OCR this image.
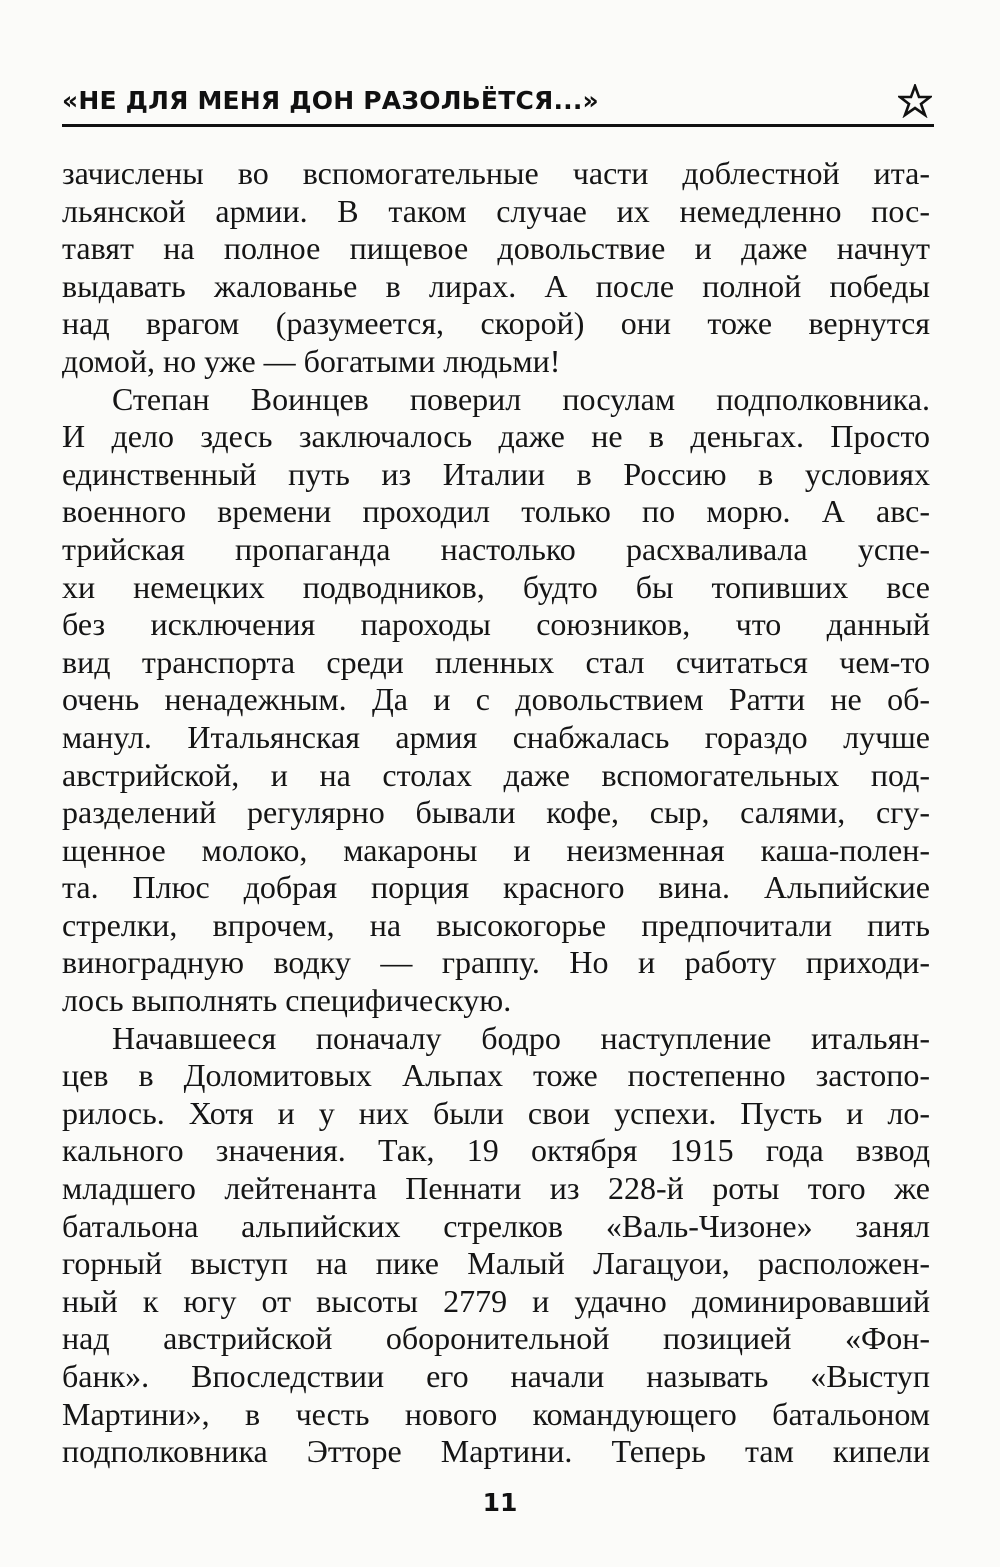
«НЕ ДЛЯ МЕНЯ ДОН РАЗОЛЬЁТСЯ...»
зачислены во вспомогательные части доблестной ита-
льянской армии. В таком случае их немедленно пос-
тавят на полное пищевое довольствие и даже начнут
выдавать жалованье в лирах. А после полной победы
над врагом (разумеется, скорой) они тоже вернутся
домой, но уже — богатыми людьми!
Степан Воинцев поверил посулам подполковника.
И дело здесь заключалось даже не в деньгах. Просто
единственный путь из Италии в Россию в условиях
военного времени проходил только по морю. А авс-
трийская пропаганда настолько расхваливала успе-
хи немецких подводников, будто бы топивших все
без исключения пароходы союзников, что данный
вид транспорта среди пленных стал считаться чем-то
очень ненадежным. Да и с довольствием Ратти не об-
манул. Итальянская армия снабжалась гораздо лучше
австрийской, и на столах даже вспомогательных под-
разделений регулярно бывали кофе, сыр, салями, сгу-
щенное молоко, макароны и неизменная каша-полен-
та. Плюс добрая порция красного вина. Альпийские
стрелки, впрочем, на высокогорье предпочитали пить
виноградную водку — граппу. Но и работу приходи-
лось выполнять специфическую.
Начавшееся поначалу бодро наступление итальян-
цев в Доломитовых Альпах тоже постепенно застопо-
рилось. Хотя и у них были свои успехи. Пусть и ло-
кального значения. Так, 19 октября 1915 года взвод
младшего лейтенанта Пеннати из 228-й роты того же
батальона альпийских стрелков «Валь-Чизоне» занял
горный выступ на пике Малый Лагацуои, расположен-
ный к югу от высоты 2779 и удачно доминировавший
над австрийской оборонительной позицией «Фон-
банк». Впоследствии его начали называть «Выступ
Мартини», в честь нового командующего батальоном
подполковника Этторе Мартини. Теперь там кипели
11
